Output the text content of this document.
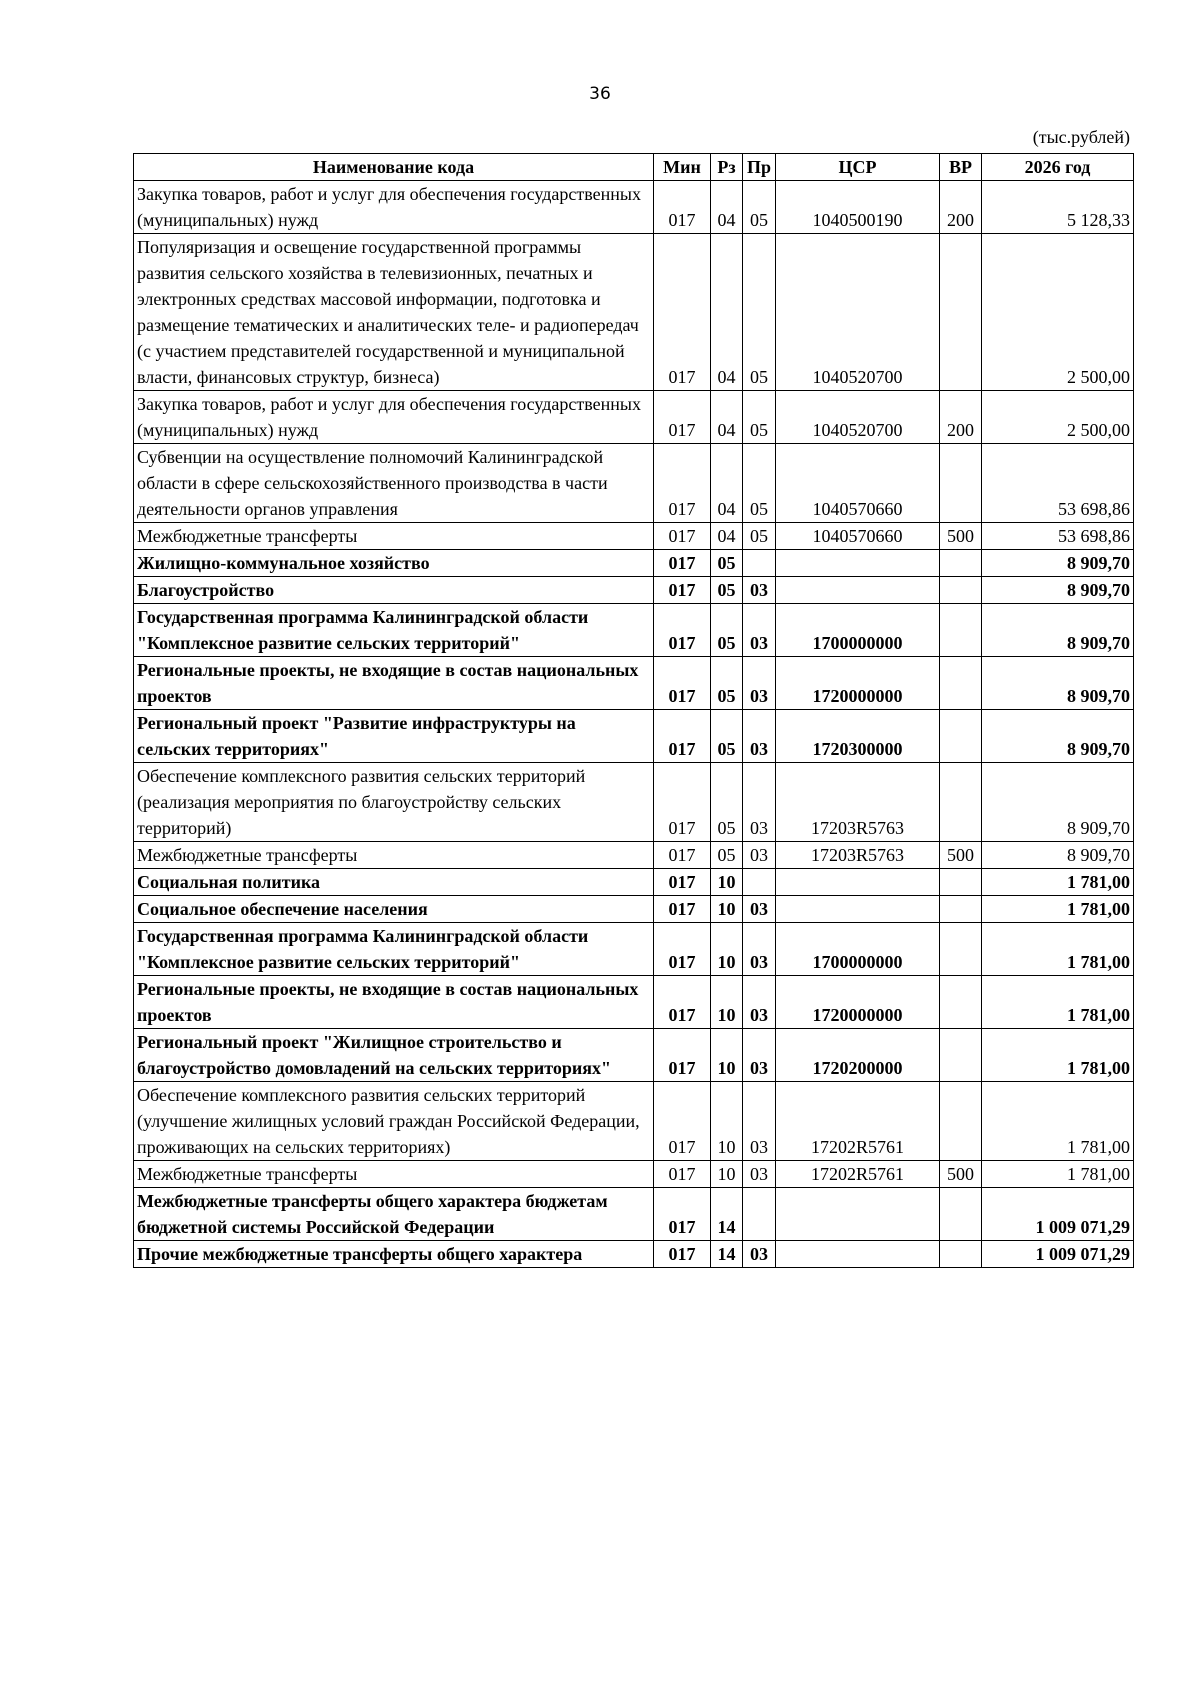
36
(тыс.рублей)
Наименование кода	Мин	Рз	Пр	ЦСР	ВР	2026 год
Закупка товаров, работ и услуг для обеспечения государственных (муниципальных) нужд	017	04	05	1040500190	200	5 128,33
Популяризация и освещение государственной программы развития сельского хозяйства в телевизионных, печатных и электронных средствах массовой информации, подготовка и размещение тематических и аналитических теле- и радиопередач (с участием представителей государственной и муниципальной власти, финансовых структур, бизнеса)	017	04	05	1040520700		2 500,00
Закупка товаров, работ и услуг для обеспечения государственных (муниципальных) нужд	017	04	05	1040520700	200	2 500,00
Субвенции на осуществление полномочий Калининградской области в сфере сельскохозяйственного производства в части деятельности органов управления	017	04	05	1040570660		53 698,86
Межбюджетные трансферты	017	04	05	1040570660	500	53 698,86
Жилищно-коммунальное хозяйство	017	05				8 909,70
Благоустройство	017	05	03			8 909,70
Государственная программа Калининградской области "Комплексное развитие сельских территорий"	017	05	03	1700000000		8 909,70
Региональные проекты, не входящие в состав национальных проектов	017	05	03	1720000000		8 909,70
Региональный проект "Развитие инфраструктуры на сельских территориях"	017	05	03	1720300000		8 909,70
Обеспечение комплексного развития сельских территорий (реализация мероприятия по благоустройству сельских территорий)	017	05	03	17203R5763		8 909,70
Межбюджетные трансферты	017	05	03	17203R5763	500	8 909,70
Социальная политика	017	10				1 781,00
Социальное обеспечение населения	017	10	03			1 781,00
Государственная программа Калининградской области "Комплексное развитие сельских территорий"	017	10	03	1700000000		1 781,00
Региональные проекты, не входящие в состав национальных проектов	017	10	03	1720000000		1 781,00
Региональный проект "Жилищное строительство и благоустройство домовладений на сельских территориях"	017	10	03	1720200000		1 781,00
Обеспечение комплексного развития сельских территорий (улучшение жилищных условий граждан Российской Федерации, проживающих на сельских территориях)	017	10	03	17202R5761		1 781,00
Межбюджетные трансферты	017	10	03	17202R5761	500	1 781,00
Межбюджетные трансферты общего характера бюджетам бюджетной системы Российской Федерации	017	14				1 009 071,29
Прочие межбюджетные трансферты общего характера	017	14	03			1 009 071,29
